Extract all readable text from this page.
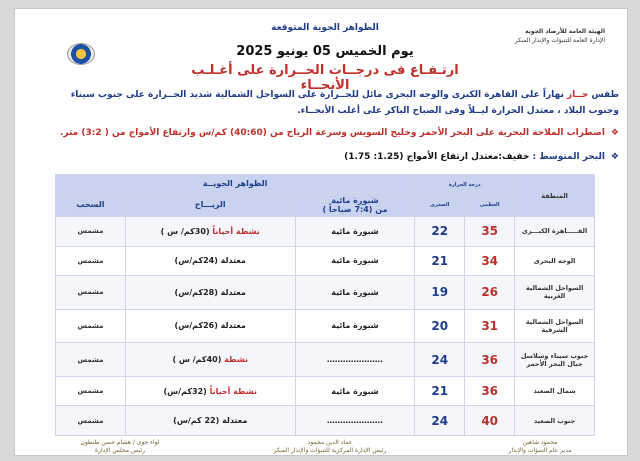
الهيئة العامة للأرصاد الجوية
الإدارة العامة للتنبؤات والإنذار المبكر
الظواهر الجوية المتوقعة
يوم الخميس 05 يونيو 2025
ارتـفـاع فى درجــات الحــرارة على أغـلـب الأنحــاء
طقس حــار نهاراً على القاهرة الكبرى والوجه البحرى مائل للحــرارة على السواحل الشمالية شديد الحــرارة على جنوب سيناء
وجنوب البلاد ، معتدل الحرارة ليــلاً وفى الصباح الباكر على أغلب الأنحــاء.
❖اضطراب الملاحة البحرية على البحر الأحمر وخليج السويس وسرعة الرياح من (40:60) كم/س وارتفاع الأمواج من ( 3:2) متر.
❖البحر المتوسط : خفيف:معتدل ارتفاع الأمواج (1.25: 1.75)
المنطقة	درجة الحرارة		الظواهر الجويــة		
	العظمى	الصغرى	شبورة مائية
من (7:4 صباحاً )	الريـــاح	السحب
القـــــاهرة الكبـــرى	35	22	شبورة مائية	نشطة أحياناً (30كم/ س )	مشمس
الوجه البحرى	34	21	شبورة مائية	معتدلة (24كم/س)	مشمس
السواحل الشمالية الغربية	26	19	شبورة مائية	معتدلة (28كم/س)	مشمس
السواحل الشمالية الشرقية	31	20	شبورة مائية	معتدلة (26كم/س)	مشمس
جنوب سيناء وسلاسل جبال البحر الأحمر	36	24	…………………	نشطة (40كم/ س )	مشمس
شمال الصعيد	36	21	شبورة مائية	نشطة أحياناً (32كم/س)	مشمس
جنوب الصعيد	40	24	…………………	معتدلة (22 كم/س)	مشمس
لواء جوى / هشام حسن طنطون
رئيس مجلس الإدارة
عماد الدين محمود
رئيس الإدارة المركزية للتنبؤات والإنذار المبكر
محمود شاهين
مدير عام التنبؤات والإنذار
